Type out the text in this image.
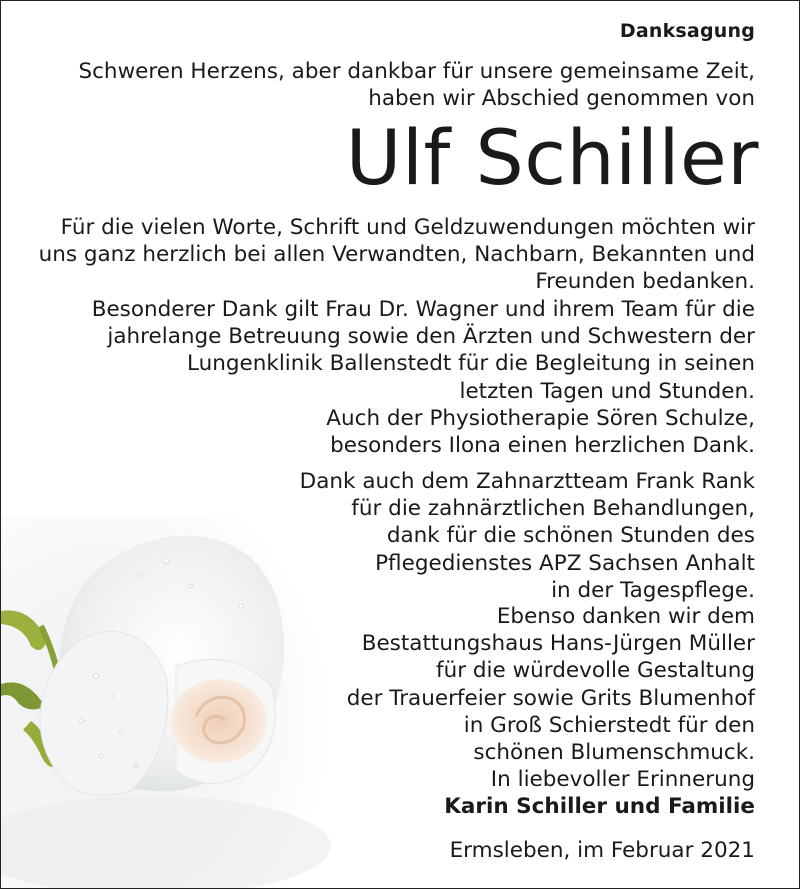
Danksagung
Schweren Herzens, aber dankbar für unsere gemeinsame Zeit,
haben wir Abschied genommen von
Ulf Schiller
Für die vielen Worte, Schrift und Geldzuwendungen möchten wir
uns ganz herzlich bei allen Verwandten, Nachbarn, Bekannten und
Freunden bedanken.
Besonderer Dank gilt Frau Dr. Wagner und ihrem Team für die
jahrelange Betreuung sowie den Ärzten und Schwestern der
Lungenklinik Ballenstedt für die Begleitung in seinen
letzten Tagen und Stunden.
Auch der Physiotherapie Sören Schulze,
besonders Ilona einen herzlichen Dank.
Dank auch dem Zahnarztteam Frank Rank
für die zahnärztlichen Behandlungen,
dank für die schönen Stunden des
Pflegedienstes APZ Sachsen Anhalt
in der Tagespflege.
Ebenso danken wir dem
Bestattungshaus Hans-Jürgen Müller
für die würdevolle Gestaltung
der Trauerfeier sowie Grits Blumenhof
in Groß Schierstedt für den
schönen Blumenschmuck.
In liebevoller Erinnerung
Karin Schiller und Familie
Ermsleben, im Februar 2021
